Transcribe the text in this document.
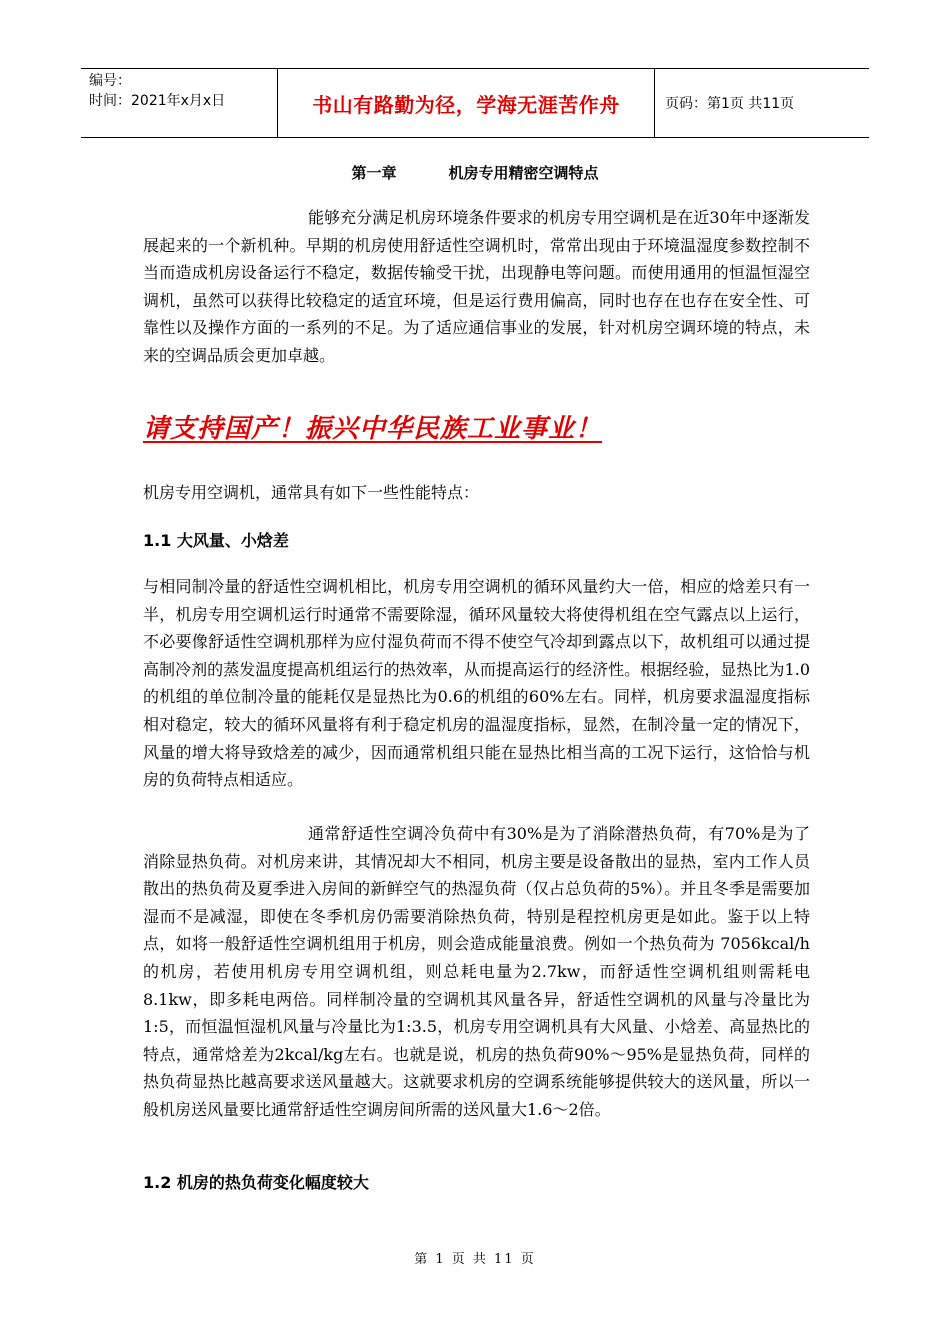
编号：
时间：2021年x月x日	书山有路勤为径，学海无涯苦作舟	页码：第1页 共11页
第一章	机房专用精密空调特点
能够充分满足机房环境条件要求的机房专用空调机是在近30年中逐渐发展起来的一个新机种。早期的机房使用舒适性空调机时，常常出现由于环境温湿度参数控制不当而造成机房设备运行不稳定，数据传输受干扰，出现静电等问题。而使用通用的恒温恒湿空调机，虽然可以获得比较稳定的适宜环境，但是运行费用偏高，同时也存在也存在安全性、可靠性以及操作方面的一系列的不足。为了适应通信事业的发展，针对机房空调环境的特点，未来的空调品质会更加卓越。
请支持国产！振兴中华民族工业事业！
机房专用空调机，通常具有如下一些性能特点：
1.1 大风量、小焓差
与相同制冷量的舒适性空调机相比，机房专用空调机的循环风量约大一倍，相应的焓差只有一半，机房专用空调机运行时通常不需要除湿，循环风量较大将使得机组在空气露点以上运行，不必要像舒适性空调机那样为应付湿负荷而不得不使空气冷却到露点以下，故机组可以通过提高制冷剂的蒸发温度提高机组运行的热效率，从而提高运行的经济性。根据经验，显热比为1.0的机组的单位制冷量的能耗仅是显热比为0.6的机组的60%左右。同样，机房要求温湿度指标相对稳定，较大的循环风量将有利于稳定机房的温湿度指标，显然，在制冷量一定的情况下，风量的增大将导致焓差的减少，因而通常机组只能在显热比相当高的工况下运行，这恰恰与机房的负荷特点相适应。
通常舒适性空调冷负荷中有30%是为了消除潜热负荷，有70%是为了消除显热负荷。对机房来讲，其情况却大不相同，机房主要是设备散出的显热，室内工作人员散出的热负荷及夏季进入房间的新鲜空气的热湿负荷（仅占总负荷的5%）。并且冬季是需要加湿而不是减湿，即使在冬季机房仍需要消除热负荷，特别是程控机房更是如此。鉴于以上特点，如将一般舒适性空调机组用于机房，则会造成能量浪费。例如一个热负荷为 7056kcal/h的机房，若使用机房专用空调机组，则总耗电量为2.7kw，而舒适性空调机组则需耗电8.1kw，即多耗电两倍。同样制冷量的空调机其风量各异，舒适性空调机的风量与冷量比为1:5，而恒温恒湿机风量与冷量比为1:3.5，机房专用空调机具有大风量、小焓差、高显热比的特点，通常焓差为2kcal/kg左右。也就是说，机房的热负荷90%～95%是显热负荷，同样的热负荷显热比越高要求送风量越大。这就要求机房的空调系统能够提供较大的送风量，所以一般机房送风量要比通常舒适性空调房间所需的送风量大1.6～2倍。
1.2 机房的热负荷变化幅度较大
第 1 页 共 11 页
